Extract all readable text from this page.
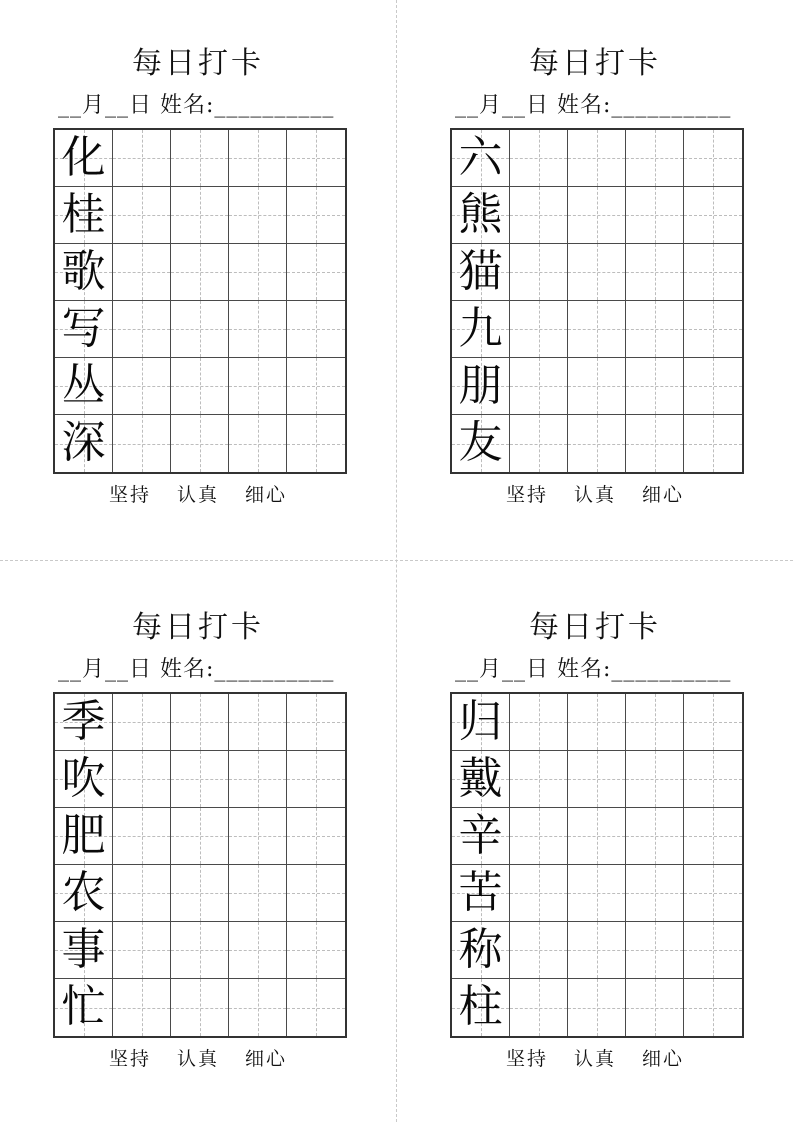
每日打卡
__月__日 姓名:__________
化
桂
歌
写
丛
深
坚持 认真 细心
每日打卡
__月__日 姓名:__________
六
熊
猫
九
朋
友
坚持 认真 细心
每日打卡
__月__日 姓名:__________
季
吹
肥
农
事
忙
坚持 认真 细心
每日打卡
__月__日 姓名:__________
归
戴
辛
苦
称
柱
坚持 认真 细心
